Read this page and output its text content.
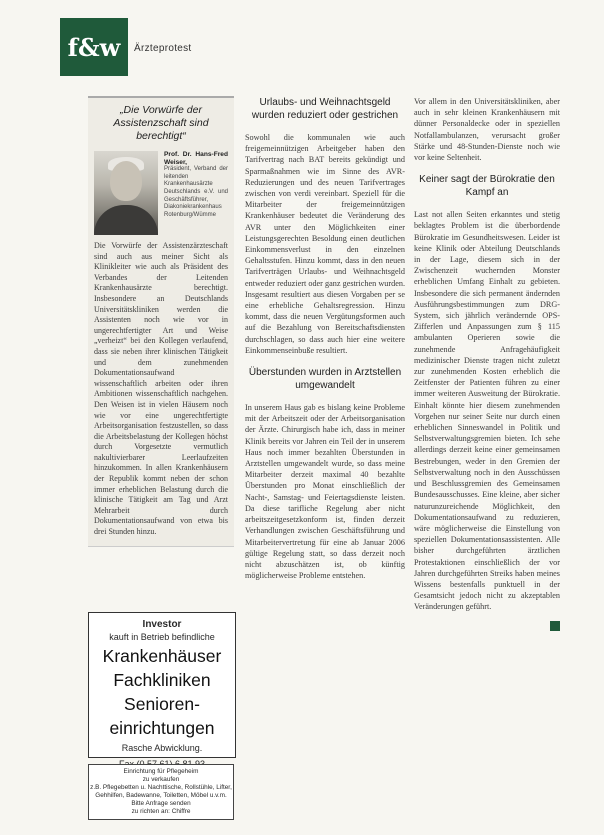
f&w	Ärzteprotest
„Die Vorwürfe der Assistenzschaft sind berechtigt“
Prof. Dr. Hans-Fred Weiser,
Präsident, Verband der leitenden Krankenhausärzte Deutschlands e.V. und Geschäftsführer, Diakoniekrankenhaus Rotenburg/Wümme

Die Vorwürfe der Assistenzärzteschaft sind auch aus meiner Sicht als Klinikleiter wie auch als Präsident des Verbandes der Leitenden Krankenhausärzte berechtigt. Insbesondere an Deutschlands Universitätskliniken werden die Assistenten noch wie vor in ungerechtfertigter Art und Weise „verheizt“ bei den Kollegen verlaufend, dass sie neben ihrer klinischen Tätigkeit und dem zunehmenden Dokumentationsaufwand wissenschaftlich arbeiten oder ihren Ambitionen wissenschaftlich nachgehen. Den Weisen ist in vielen Häusern noch wie vor eine ungerechtfertigte Arbeitsorganisation festzustellen, so dass die Arbeitsbelastung der Kollegen höchst durch Vorgesetzte vermutlich nakultivierbarer Leerlaufzeiten hinzukommen. In allen Krankenhäusern der Republik kommt neben der schon immer erheblichen Belastung durch die klinische Tätigkeit am Tag und Arzt Mehrarbeit durch Dokumentationsaufwand von etwa bis drei Stunden hinzu.

Urlaubs- und Weihnachtsgeld wurden reduziert oder gestrichen

Sowohl die kommunalen wie auch freigemeinnützigen Arbeitgeber haben den Tarifvertrag nach BAT bereits gekündigt und Sparmaßnahmen wie im Sinne des AVR-Reduzierungen und des neuen Tarifvertrages zwischen von verdi vereinbart. Speziell für die Mitarbeiter der freigemeinnützigen Krankenhäuser bedeutet die Veränderung des AVR unter den Möglichkeiten einer Leistungsgerechten Besoldung einen deutlichen Einkommensverlust in den einzelnen Gehaltsstufen. Hinzu kommt, dass in den neuen Tarifverträgen Urlaubs- und Weihnachtsgeld entweder reduziert oder ganz gestrichen wurden. Insgesamt resultiert aus diesen Vorgaben per se eine erhebliche Gehaltsregression. Hinzu kommt, dass die neuen Vergütungsformen auch auf die Bezahlung von Bereitschaftsdiensten durchschlagen, so dass auch hier eine weitere Einkommenseinbuße resultiert.

Überstunden wurden in Arztstellen umgewandelt

In unserem Haus gab es bislang keine Probleme mit der Arbeitszeit oder der Arbeitsorganisation der Ärzte. Chirurgisch habe ich, dass in meiner Klinik bereits vor Jahren ein Teil der in unserem Haus noch immer bezahlten Überstunden in Arztstellen umgewandelt wurde, so dass meine Mitarbeiter derzeit maximal 40 bezahlte Überstunden pro Monat einschließlich der Nacht-, Samstag- und Feiertagsdienste leisten. Da diese tarifliche Regelung aber nicht arbeitszeitgesetzkonform ist, finden derzeit Verhandlungen zwischen Geschäftsführung und Mitarbeitervertretung für eine ab Januar 2006 gültige Regelung statt, so dass derzeit noch nicht abzuschätzen ist, ob künftig möglicherweise Probleme entstehen.

Vor allem in den Universitätskliniken, aber auch in sehr kleinen Krankenhäusern mit dünner Personaldecke oder in speziellen Notfallambulanzen, verursacht großer Stärke und 48-Stunden-Dienste noch wie vor keine Seltenheit.

Keiner sagt der Bürokratie den Kampf an

Last not allen Seiten erkanntes und stetig beklagtes Problem ist die überbordende Bürokratie im Gesundheitswesen. Leider ist keine Klinik oder Abteilung Deutschlands in der Lage, diesem sich in der Zwischenzeit wuchernden Monster erheblichen Umfang Einhalt zu gebieten. Insbesondere die sich permanent ändernden Ausführungsbestimmungen zum DRG-System, sich jährlich verändernde OPS-Zifferlen und Anpassungen zum § 115 ambulanten Operieren sowie die zunehmende Anfragehäufigkeit medizinischer Dienste tragen nicht zuletzt zur zunehmenden Kosten erheblich die Zeitfenster der Patienten führen zu einer immer weiteren Ausweitung der Bürokratie. Einhalt könnte hier diesem zunehmenden Vorgehen nur seiner Seite nur durch einen erheblichen Sinneswandel in Politik und Selbstverwaltungsgremien bieten. Ich sehe allerdings derzeit keine einer gemeinsamen Bestrebungen, weder in den Gremien der Selbstverwaltung noch in den Ausschüssen und Beschlussgremien des Gemeinsamen Bundesausschusses. Eine kleine, aber sicher naturunzureichende Möglichkeit, den Dokumentationsaufwand zu reduzieren, wäre möglicherweise die Einstellung von speziellen Dokumentationsassistenten. Alle bisher durchgeführten ärztlichen Protestaktionen einschließlich der vor Jahren durchgeführten Streiks haben meines Wissens bestenfalls punktuell in der Gesamtsicht jedoch nicht zu akzeptablen Veränderungen geführt.

Investor
kauft in Betrieb befindliche
Krankenhäuser
Fachkliniken
Senioren-
einrichtungen
Rasche Abwicklung.
Einrichtung für Pflegeheim
zu verkaufen
z.B. Pflegebetten u. Nachttische, Rollstühle, Lifter, Gehhilfen, Badewanne, Toiletten, Möbel u.v.m.
Bitte Anfrage senden
zu richten an: Chiffre
